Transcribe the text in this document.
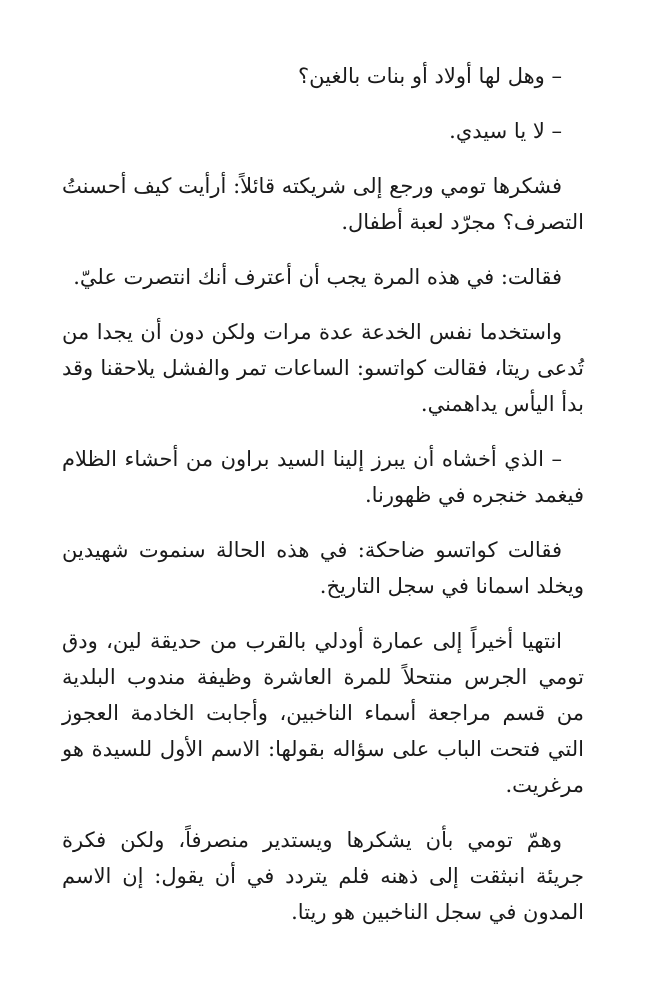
– وهل لها أولاد أو بنات بالغين؟

– لا يا سيدي.

فشكرها تومي ورجع إلى شريكته قائلاً: أرأيت كيف أحسنتُ التصرف؟ مجرّد لعبة أطفال.

فقالت: في هذه المرة يجب أن أعترف أنك انتصرت عليّ.

واستخدما نفس الخدعة عدة مرات ولكن دون أن يجدا من تُدعى ريتا، فقالت كواتسو: الساعات تمر والفشل يلاحقنا وقد بدأ اليأس يداهمني.

– الذي أخشاه أن يبرز إلينا السيد براون من أحشاء الظلام فيغمد خنجره في ظهورنا.

فقالت كواتسو ضاحكة: في هذه الحالة سنموت شهيدين ويخلد اسمانا في سجل التاريخ.

انتهيا أخيراً إلى عمارة أودلي بالقرب من حديقة لين، ودق تومي الجرس منتحلاً للمرة العاشرة وظيفة مندوب البلدية من قسم مراجعة أسماء الناخبين، وأجابت الخادمة العجوز التي فتحت الباب على سؤاله بقولها: الاسم الأول للسيدة هو مرغريت.

وهمّ تومي بأن يشكرها ويستدير منصرفاً، ولكن فكرة جريئة انبثقت إلى ذهنه فلم يتردد في أن يقول: إن الاسم المدون في سجل الناخبين هو ريتا.
